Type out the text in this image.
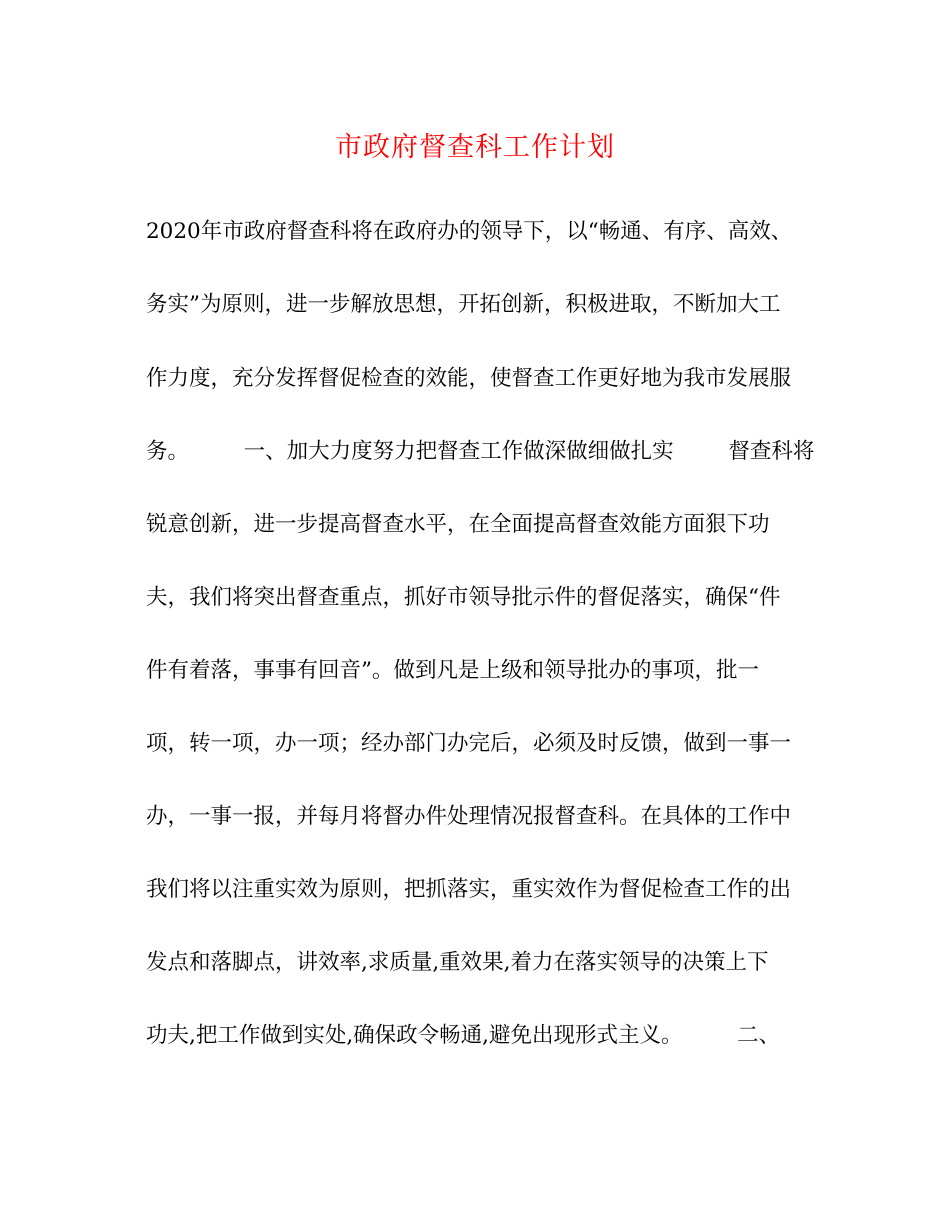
市政府督查科工作计划
2020年市政府督查科将在政府办的领导下，以“畅通、有序、高效、
务实”为原则，进一步解放思想，开拓创新，积极进取，不断加大工
作力度，充分发挥督促检查的效能，使督查工作更好地为我市发展服
务。        一、加大力度努力把督查工作做深做细做扎实        督查科将
锐意创新，进一步提高督查水平，在全面提高督查效能方面狠下功
夫，我们将突出督查重点，抓好市领导批示件的督促落实，确保“件
件有着落，事事有回音”。做到凡是上级和领导批办的事项，批一
项，转一项，办一项；经办部门办完后，必须及时反馈，做到一事一
办，一事一报，并每月将督办件处理情况报督查科。在具体的工作中
我们将以注重实效为原则，把抓落实，重实效作为督促检查工作的出
发点和落脚点，讲效率,求质量,重效果,着力在落实领导的决策上下
功夫,把工作做到实处,确保政令畅通,避免出现形式主义。        二、
